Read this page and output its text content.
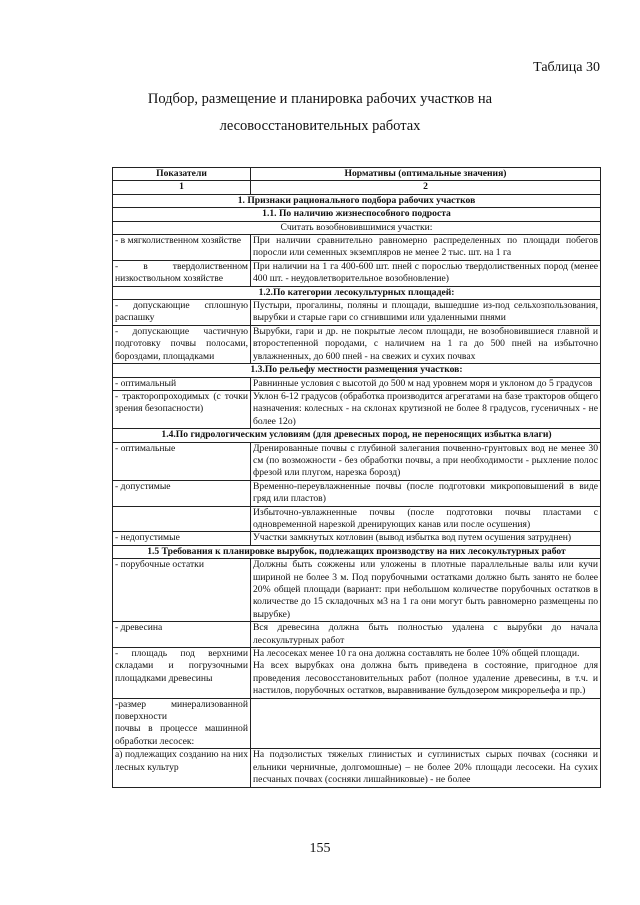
Таблица 30
Подбор, размещение и планировка рабочих участков на
лесовосстановительных работах
Показатели	Нормативы (оптимальные значения)
1	2
1. Признаки рационального подбора рабочих участков	
1.1. По наличию жизнеспособного подроста	
Считать возобновившимися участки:	
- в мягколиственном хозяйстве	При наличии сравнительно равномерно распределенных по площади побегов поросли или семенных экземпляров не менее 2 тыс. шт. на 1 га
- в твердолиственном низкоствольном хозяйстве	При наличии на 1 га 400-600 шт. пней с порослью твердолиственных пород (менее 400 шт. - неудовлетворительное возобновление)
1.2.По категории лесокультурных площадей:	
- допускающие сплошную распашку	Пустыри, прогалины, поляны и площади, вышедшие из-под сельхозпользования, вырубки и старые гари со сгнившими или удаленными пнями
- допускающие частичную подготовку почвы полосами, бороздами, площадками	Вырубки, гари и др. не покрытые лесом площади, не возобновившиеся главной и второстепенной породами, с наличием на 1 га до 500 пней на избыточно увлажненных, до 600 пней - на свежих и сухих почвах
1.3.По рельефу местности размещения участков:	
- оптимальный	Равнинные условия с высотой до 500 м над уровнем моря и уклоном до 5 градусов
- тракторопроходимых (с точки зрения безопасности)	Уклон 6-12 градусов (обработка производится агрегатами на базе тракторов общего назначения: колесных - на склонах крутизной не более 8 градусов, гусеничных - не более 12о)
1.4.По гидрологическим условиям (для древесных пород, не переносящих избытка влаги)	
- оптимальные	Дренированные почвы с глубиной залегания почвенно-грунтовых вод не менее 30 см (по возможности - без обработки почвы, а при необходимости - рыхление полос фрезой или плугом, нарезка борозд)
- допустимые	Временно-переувлажненные почвы (после подготовки микроповышений в виде гряд или пластов)
	Избыточно-увлажненные почвы (после подготовки почвы пластами с одновременной нарезкой дренирующих канав или после осушения)
- недопустимые	Участки замкнутых котловин (вывод избытка вод путем осушения затруднен)
1.5 Требования к планировке вырубок, подлежащих производству на них лесокультурных работ	
- порубочные остатки	Должны быть сожжены или уложены в плотные параллельные валы или кучи шириной не более 3 м. Под порубочными остатками должно быть занято не более 20% общей площади (вариант: при небольшом количестве порубочных остатков в количестве до 15 складочных м3 на 1 га они могут быть равномерно размещены по вырубке)
- древесина	Вся древесина должна быть полностью удалена с вырубки до начала лесокультурных работ
- площадь под верхними складами и погрузочными площадками древесины	На лесосеках менее 10 га она должна составлять не более 10% общей площади.
На всех вырубках она должна быть приведена в состояние, пригодное для проведения лесовосстановительных работ (полное удаление древесины, в т.ч. и настилов, порубочных остатков, выравнивание бульдозером микрорельефа и пр.)
-размер минерализованной поверхности
почвы в процессе машинной обработки лесосек:	
а) подлежащих созданию на них лесных культур	На подзолистых тяжелых глинистых и суглинистых сырых почвах (сосняки и ельники черничные, долгомошные) – не более 20% площади лесосеки. На сухих песчаных почвах (сосняки лишайниковые) - не более
155
